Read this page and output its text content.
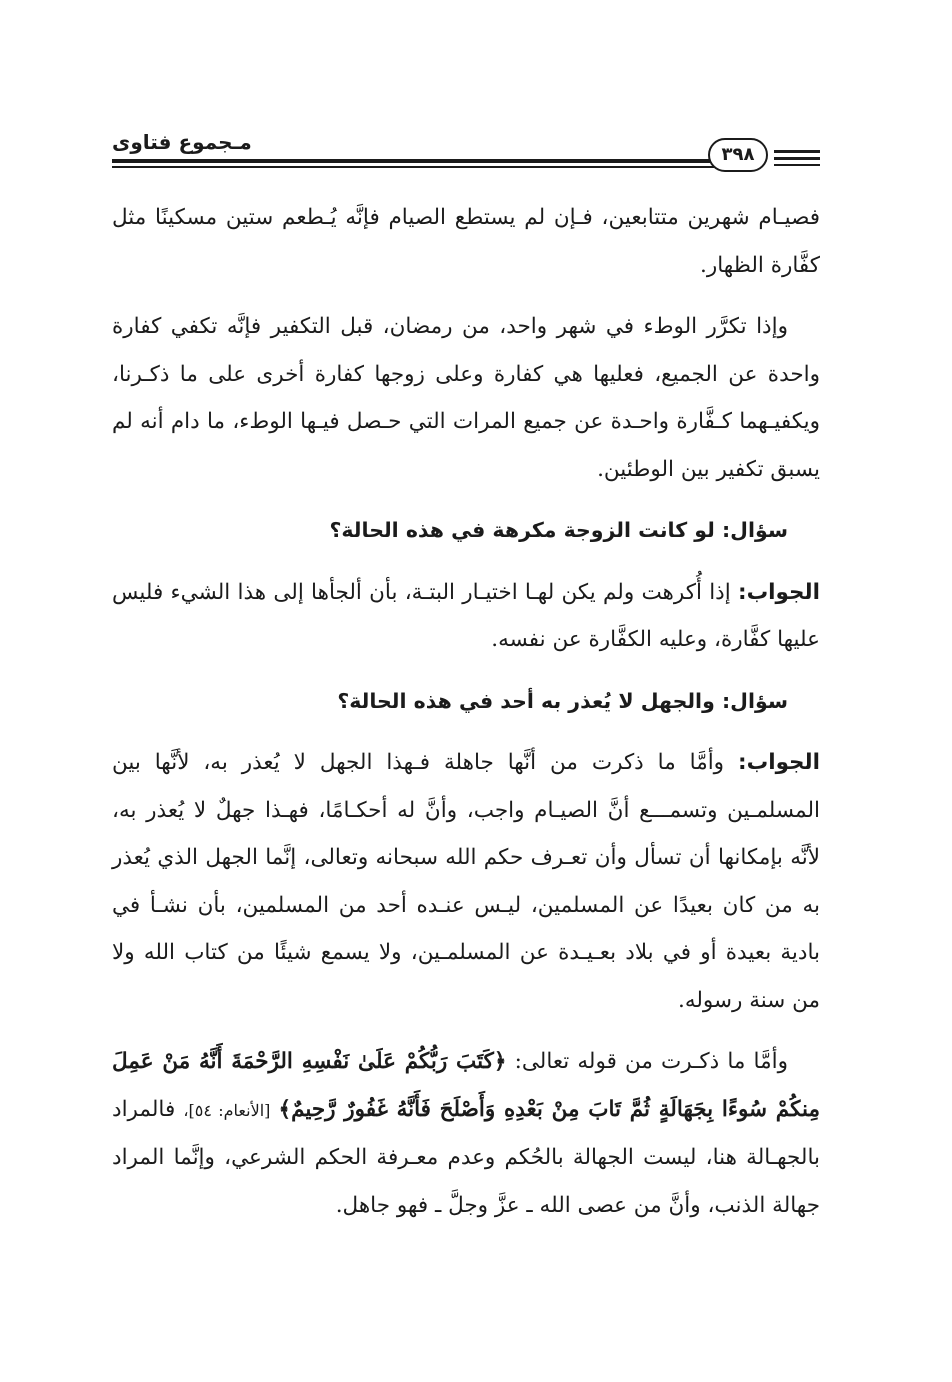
مـجموع فتاوى
٣٩٨

فصيـام شهرين متتابعين، فـإن لم يستطع الصيام فإنَّه يُـطعم ستين مسكينًا مثل كفَّارة الظهار.

وإذا تكرَّر الوطء في شهر واحد، من رمضان، قبل التكفير فإنَّه تكفي كفارة واحدة عن الجميع، فعليها هي كفارة وعلى زوجها كفارة أخرى على ما ذكـرنا، ويكفيـهما كـفَّارة واحـدة عن جميع المرات التي حـصل فيـها الوطء، ما دام أنه لم يسبق تكفير بين الوطئين.

سؤال: لو كانت الزوجة مكرهة في هذه الحالة؟

الجواب: إذا أُكرهت ولم يكن لهـا اختيـار البتـة، بأن ألجأها إلى هذا الشيء فليس عليها كفَّارة، وعليه الكفَّارة عن نفسه.

سؤال: والجهل لا يُعذر به أحد في هذه الحالة؟

الجواب: وأمَّا ما ذكرت من أنَّها جاهلة فـهذا الجهل لا يُعذر به، لأنَّها بين المسلمـين وتسمـــع أنَّ الصيـام واجب، وأنَّ له أحكـامًا، فهـذا جهلٌ لا يُعذر به، لأنَّه بإمكانها أن تسأل وأن تعـرف حكم الله سبحانه وتعالى، إنَّما الجهل الذي يُعذر به من كان بعيدًا عن المسلمين، ليـس عنـده أحد من المسلمين، بأن نشـأ في بادية بعيدة أو في بلاد بعـيـدة عن المسلمـين، ولا يسمع شيئًا من كتاب الله ولا من سنة رسوله.

وأمَّا ما ذكـرت من قوله تعالى: ﴿كَتَبَ رَبُّكُمْ عَلَىٰ نَفْسِهِ الرَّحْمَةَ أَنَّهُ مَنْ عَمِلَ مِنكُمْ سُوءًا بِجَهَالَةٍ ثُمَّ تَابَ مِنْ بَعْدِهِ وَأَصْلَحَ فَأَنَّهُ غَفُورٌ رَّحِيمٌ﴾ [الأنعام: ٥٤]، فالمراد بالجهـالة هنا، ليست الجهالة بالحُكم وعدم معـرفة الحكم الشرعي، وإنَّما المراد جهالة الذنب، وأنَّ من عصى الله ـ عزَّ وجلَّ ـ فهو جاهل.
